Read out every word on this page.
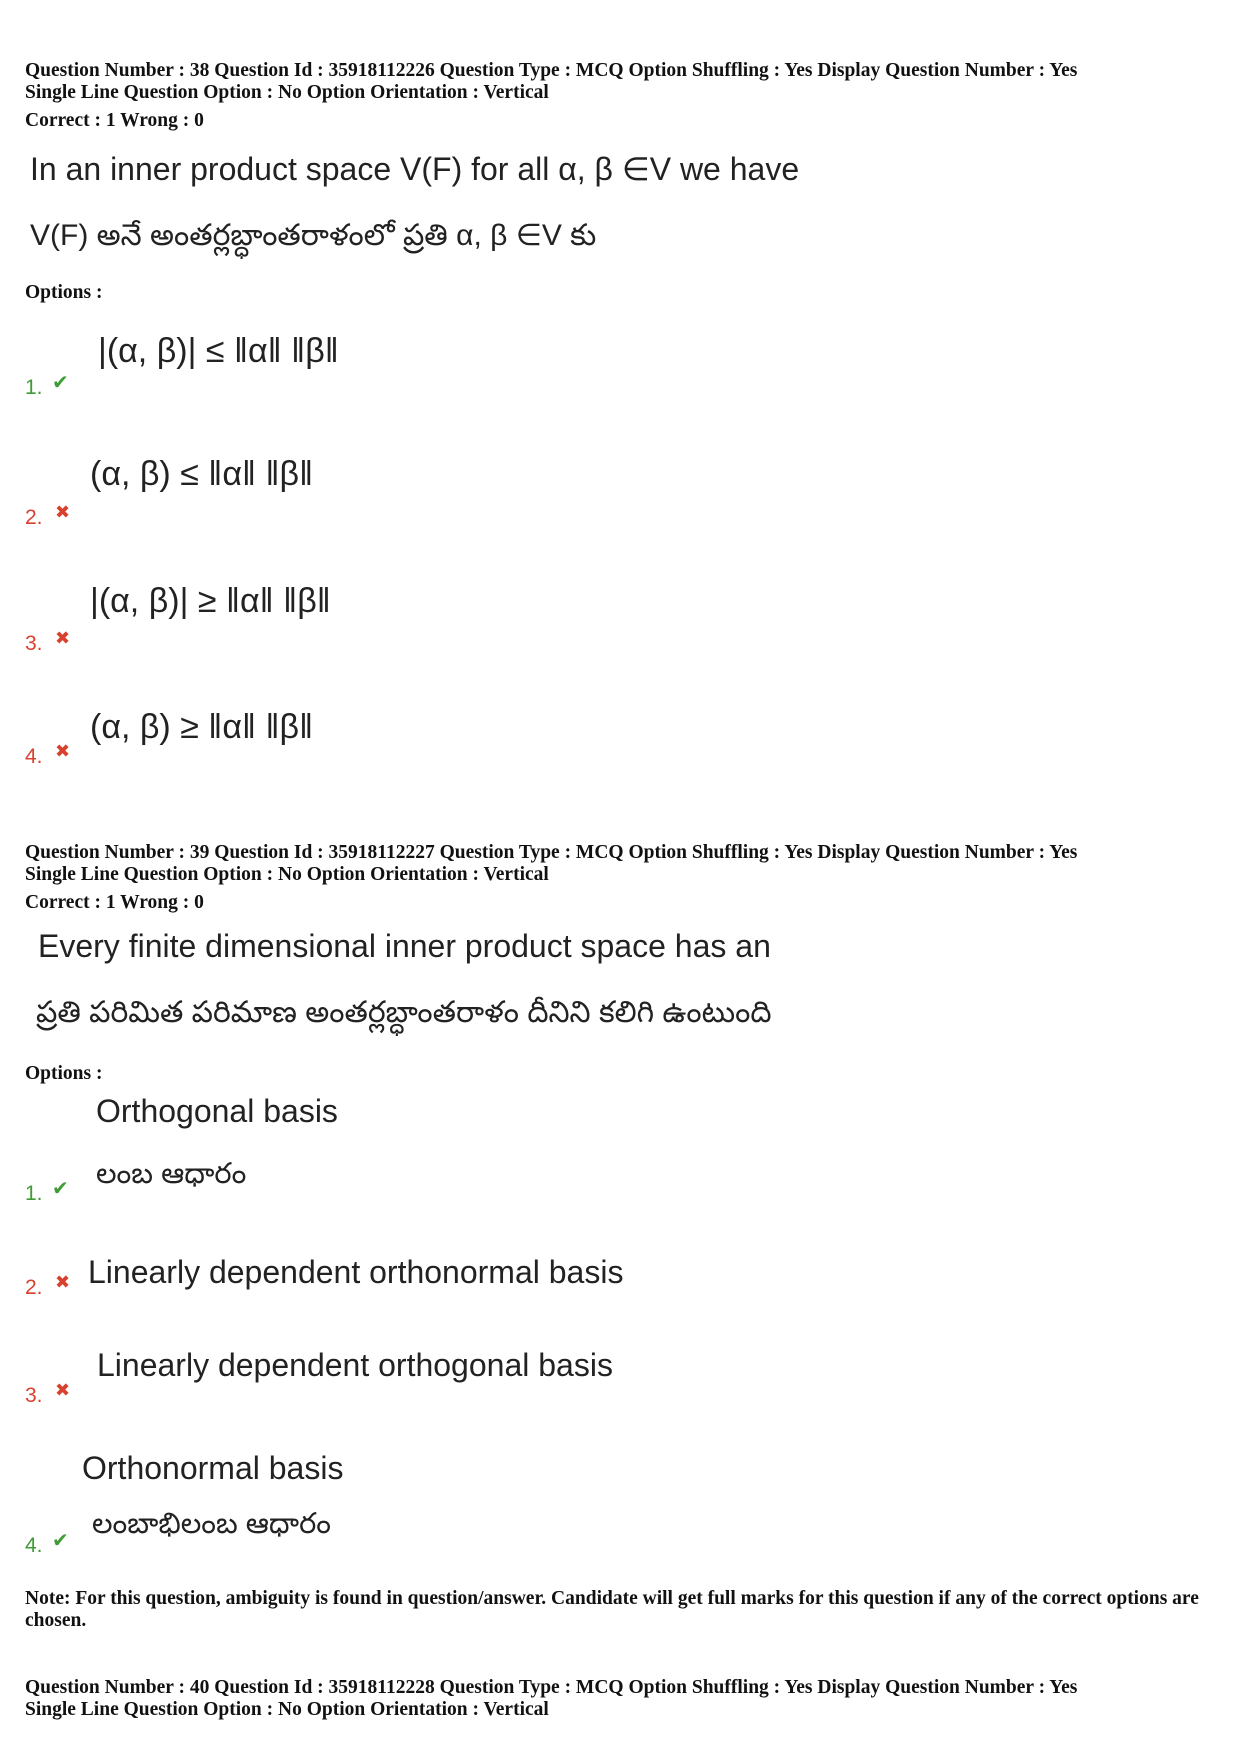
Question Number : 38 Question Id : 35918112226 Question Type : MCQ Option Shuffling : Yes Display Question Number : Yes
Single Line Question Option : No Option Orientation : Vertical
Correct : 1 Wrong : 0
In an inner product space V(F) for all α, β ∈V we have
V(F) అనే అంతర్లబ్ధాంతరాళంలో ప్రతి α, β ∈V కు
Options :
1. ✔
|(α, β)| ≤ ‖α‖ ‖β‖
2. ✖
(α, β) ≤ ‖α‖ ‖β‖
3. ✖
|(α, β)| ≥ ‖α‖ ‖β‖
4. ✖
(α, β) ≥ ‖α‖ ‖β‖
Question Number : 39 Question Id : 35918112227 Question Type : MCQ Option Shuffling : Yes Display Question Number : Yes
Single Line Question Option : No Option Orientation : Vertical
Correct : 1 Wrong : 0
Every finite dimensional inner product space has an
ప్రతి పరిమిత పరిమాణ అంతర్లబ్ధాంతరాళం దీనిని కలిగి ఉంటుంది
Options :
1. ✔
Orthogonal basis
లంబ ఆధారం
2. ✖ Linearly dependent orthonormal basis
3. ✖
Linearly dependent orthogonal basis
4. ✔
Orthonormal basis
లంబాభిలంబ ఆధారం
Note: For this question, ambiguity is found in question/answer. Candidate will get full marks for this question if any of the correct options are chosen.
Question Number : 40 Question Id : 35918112228 Question Type : MCQ Option Shuffling : Yes Display Question Number : Yes
Single Line Question Option : No Option Orientation : Vertical
